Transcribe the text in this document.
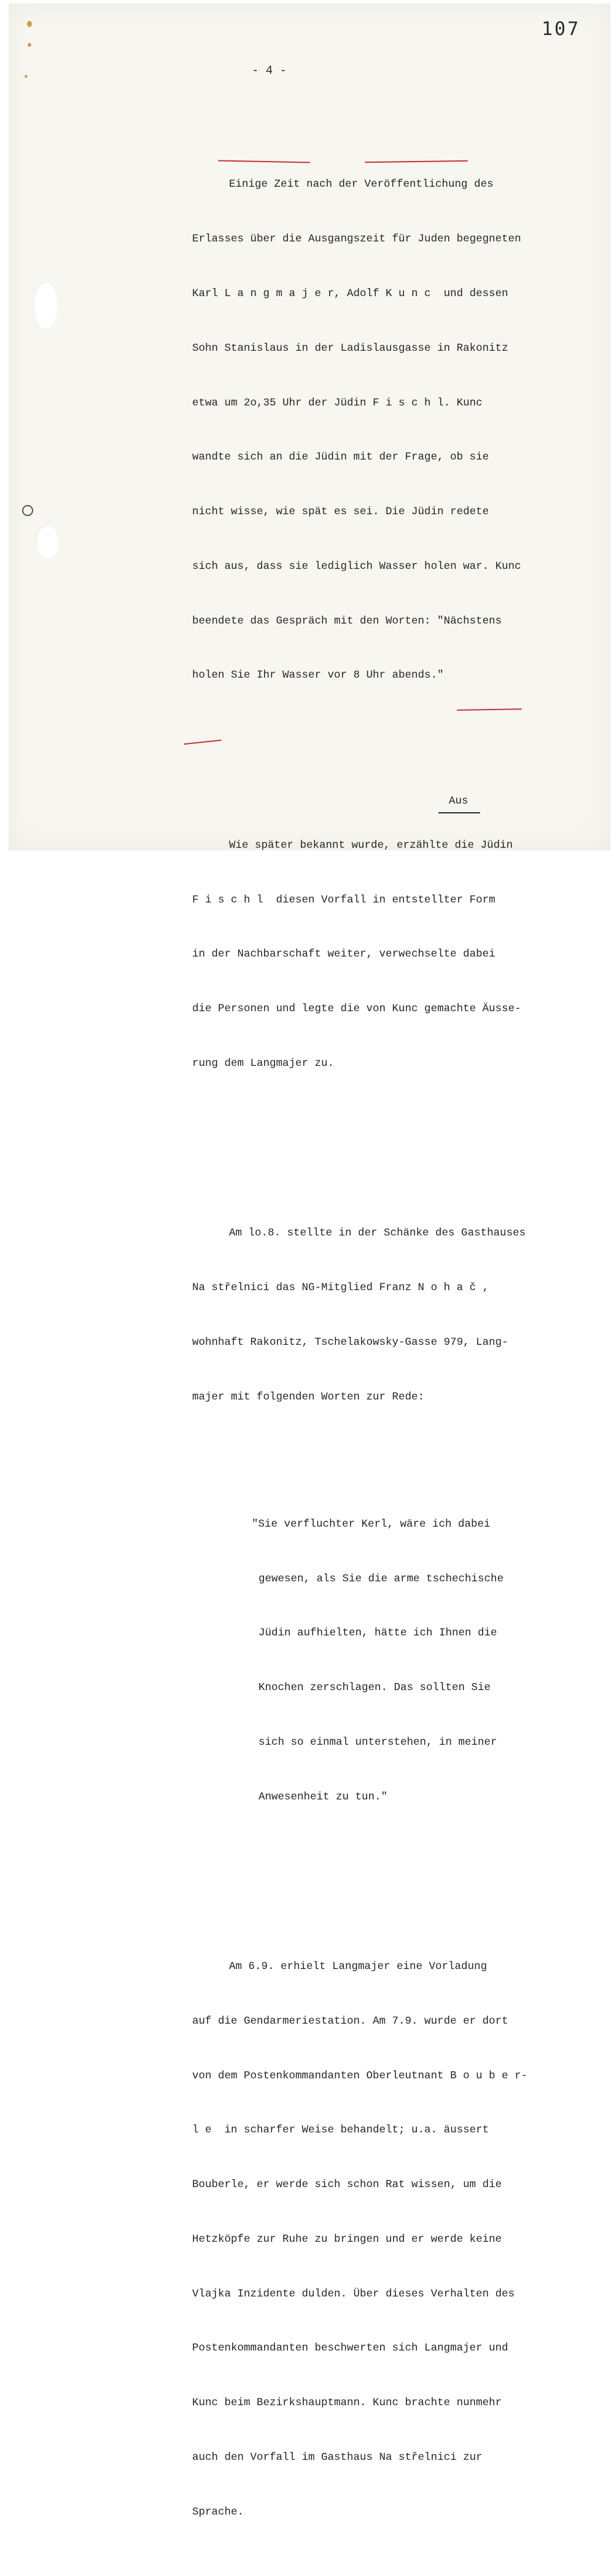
107
- 4 -

Einige Zeit nach der Veröffentlichung des

Erlasses über die Ausgangszeit für Juden begegneten

Karl L a n g m a j e r, Adolf K u n c  und dessen

Sohn Stanislaus in der Ladislausgasse in Rakonitz

etwa um 2o,35 Uhr der Jüdin F i s c h l. Kunc

wandte sich an die Jüdin mit der Frage, ob sie

nicht wisse, wie spät es sei. Die Jüdin redete

sich aus, dass sie lediglich Wasser holen war. Kunc

beendete das Gespräch mit den Worten: "Nächstens

holen Sie Ihr Wasser vor 8 Uhr abends."

Wie später bekannt wurde, erzählte die Jüdin

F i s c h l  diesen Vorfall in entstellter Form

in der Nachbarschaft weiter, verwechselte dabei

die Personen und legte die von Kunc gemachte Äusse-

rung dem Langmajer zu.

Am lo.8. stellte in der Schänke des Gasthauses

Na střelnici das NG-Mitglied Franz N o h a č ,

wohnhaft Rakonitz, Tschelakowsky-Gasse 979, Lang-

majer mit folgenden Worten zur Rede:

"Sie verfluchter Kerl, wäre ich dabei

gewesen, als Sie die arme tschechische

Jüdin aufhielten, hätte ich Ihnen die

Knochen zerschlagen. Das sollten Sie

sich so einmal unterstehen, in meiner

Anwesenheit zu tun."

Am 6.9. erhielt Langmajer eine Vorladung

auf die Gendarmeriestation. Am 7.9. wurde er dort

von dem Postenkommandanten Oberleutnant B o u b e r-

l e  in scharfer Weise behandelt; u.a. äussert

Bouberle, er werde sich schon Rat wissen, um die

Hetzköpfe zur Ruhe zu bringen und er werde keine

Vlajka Inzidente dulden. Über dieses Verhalten des

Postenkommandanten beschwerten sich Langmajer und

Kunc beim Bezirkshauptmann. Kunc brachte nunmehr

auch den Vorfall im Gasthaus Na střelnici zur

Sprache.

Aus
